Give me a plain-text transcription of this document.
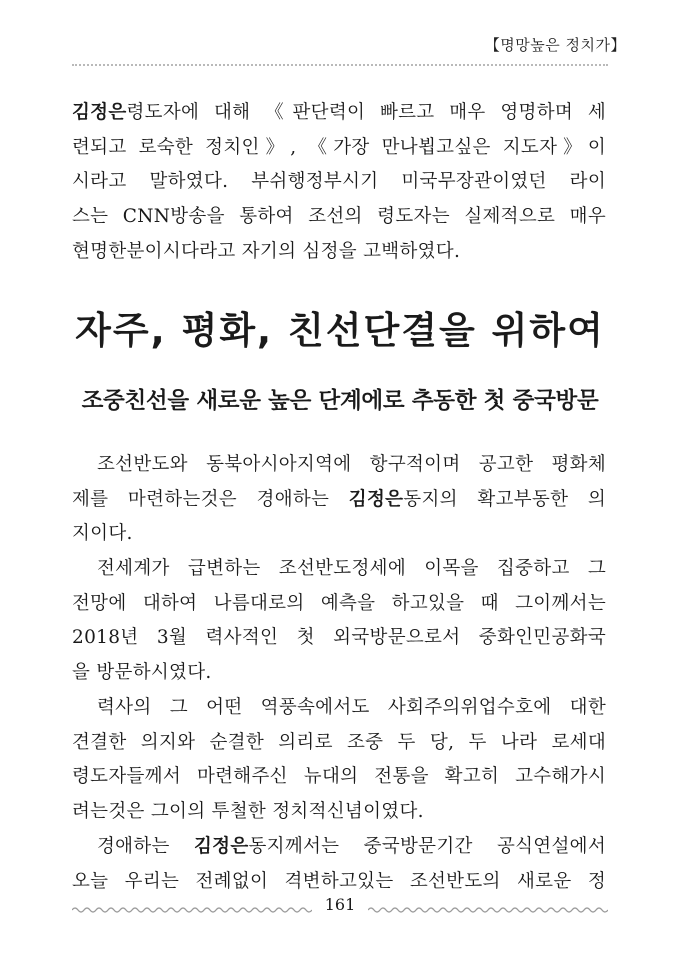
【명망높은 정치가】
김정은령도자에 대해 《판단력이 빠르고 매우 영명하며 세
련되고 로숙한 정치인》, 《가장 만나뵙고싶은 지도자》이
시라고 말하였다. 부쉬행정부시기 미국무장관이였던 라이
스는 CNN방송을 통하여 조선의 령도자는 실제적으로 매우
현명한분이시다라고 자기의 심정을 고백하였다.
자주, 평화, 친선단결을 위하여
조중친선을 새로운 높은 단계에로 추동한 첫 중국방문
조선반도와 동북아시아지역에 항구적이며 공고한 평화체
제를 마련하는것은 경애하는 김정은동지의 확고부동한 의
지이다.
전세계가 급변하는 조선반도정세에 이목을 집중하고 그
전망에 대하여 나름대로의 예측을 하고있을 때 그이께서는
2018년 3월 력사적인 첫 외국방문으로서 중화인민공화국
을 방문하시였다.
력사의 그 어떤 역풍속에서도 사회주의위업수호에 대한
견결한 의지와 순결한 의리로 조중 두 당, 두 나라 로세대
령도자들께서 마련해주신 뉴대의 전통을 확고히 고수해가시
려는것은 그이의 투철한 정치적신념이였다.
경애하는 김정은동지께서는 중국방문기간 공식연설에서
오늘 우리는 전례없이 격변하고있는 조선반도의 새로운 정
161
